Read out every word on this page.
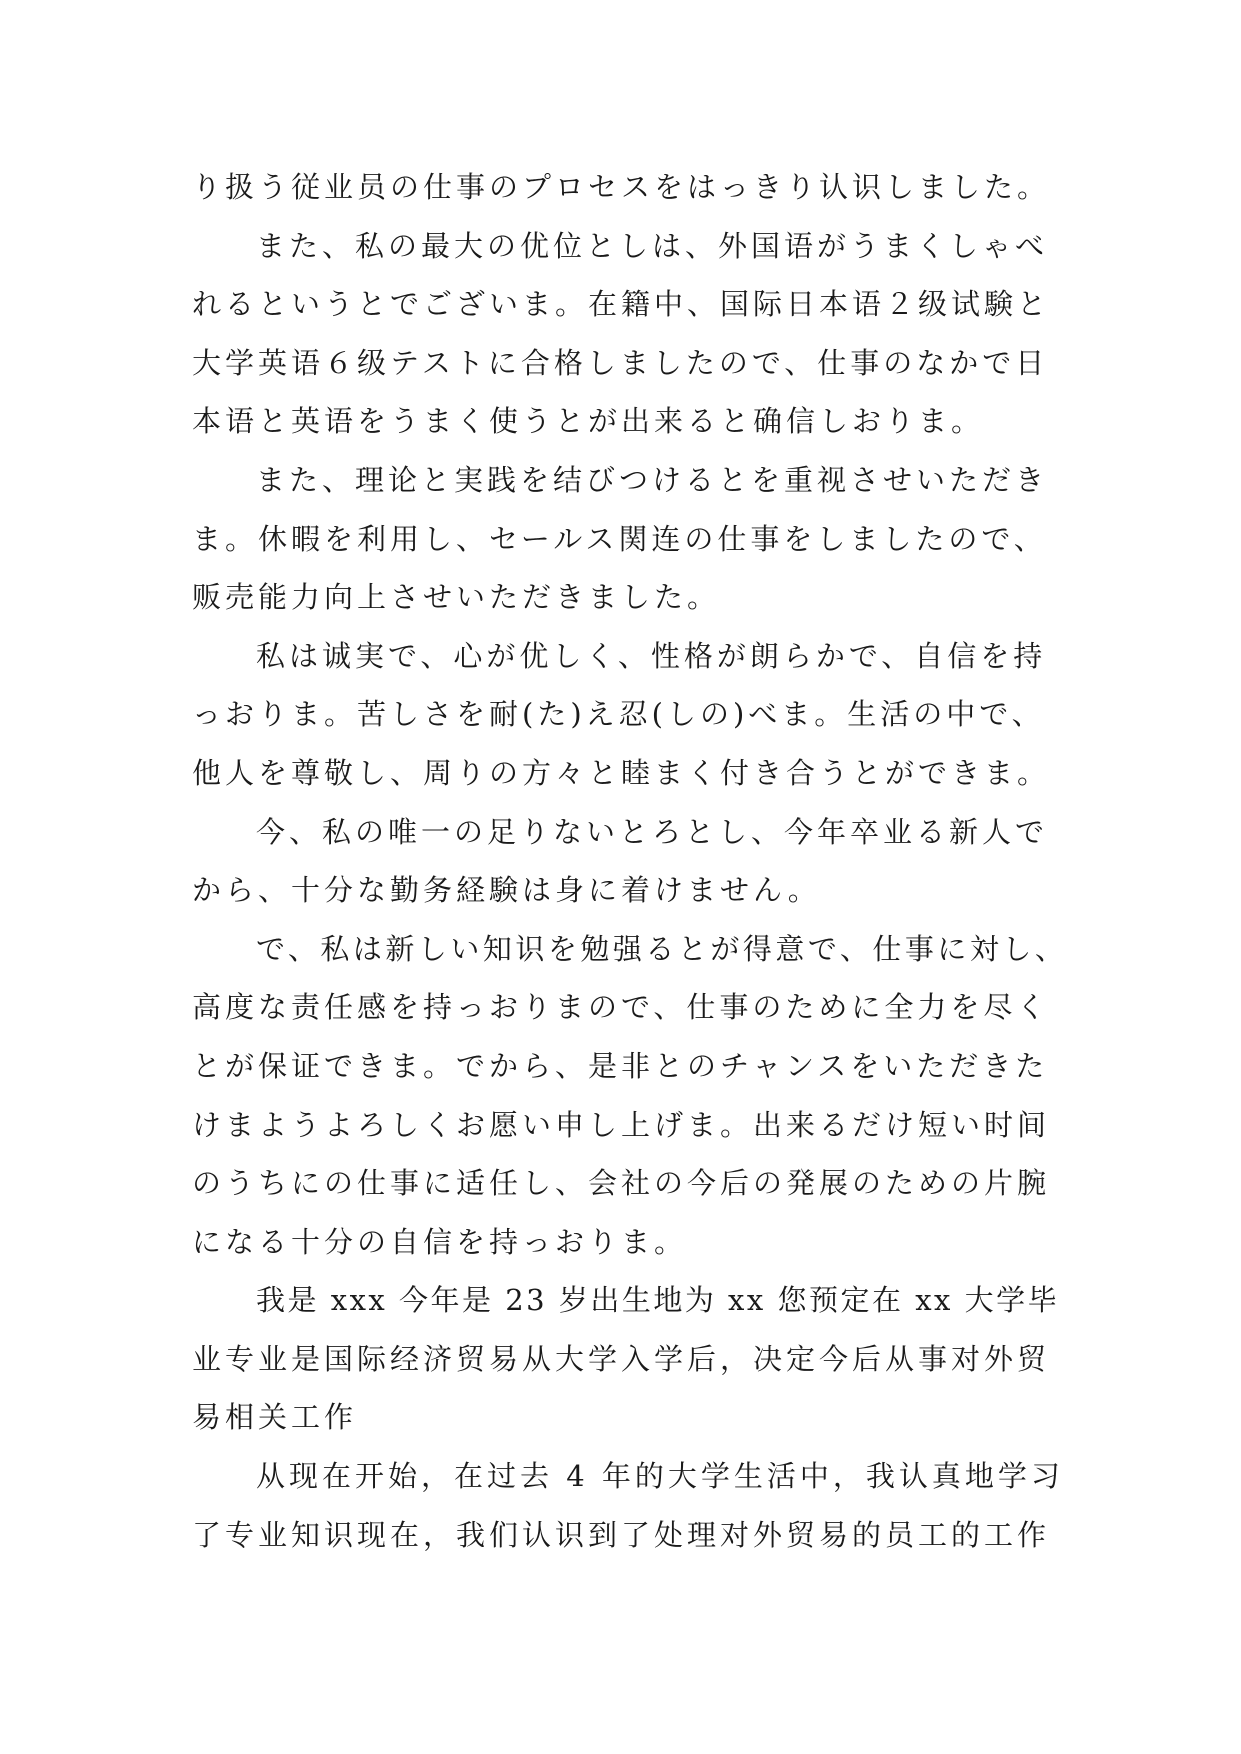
り扱う従业员の仕事のプロセスをはっきり认识しました。
また、私の最大の优位としは、外国语がうまくしゃべ
れるというとでございま。在籍中、国际日本语２级试験と
大学英语６级テストに合格しましたので、仕事のなかで日
本语と英语をうまく使うとが出来ると确信しおりま。
また、理论と実践を结びつけるとを重视させいただき
ま。休暇を利用し、セールス関连の仕事をしましたので、
贩売能力向上させいただきました。
私は诚実で、心が优しく、性格が朗らかで、自信を持
っおりま。苦しさを耐(た)え忍(しの)べま。生活の中で、
他人を尊敬し、周りの方々と睦まく付き合うとができま。
今、私の唯一の足りないとろとし、今年卒业る新人で
から、十分な勤务経験は身に着けません。
で、私は新しい知识を勉强るとが得意で、仕事に対し、
高度な责任感を持っおりまので、仕事のために全力を尽く
とが保证できま。でから、是非とのチャンスをいただきた
けまようよろしくお愿い申し上げま。出来るだけ短い时间
のうちにの仕事に适任し、会社の今后の発展のための片腕
になる十分の自信を持っおりま。
我是 xxx 今年是 23 岁出生地为 xx 您预定在 xx 大学毕
业专业是国际经济贸易从大学入学后，决定今后从事对外贸
易相关工作
从现在开始，在过去 4 年的大学生活中，我认真地学习
了专业知识现在，我们认识到了处理对外贸易的员工的工作
